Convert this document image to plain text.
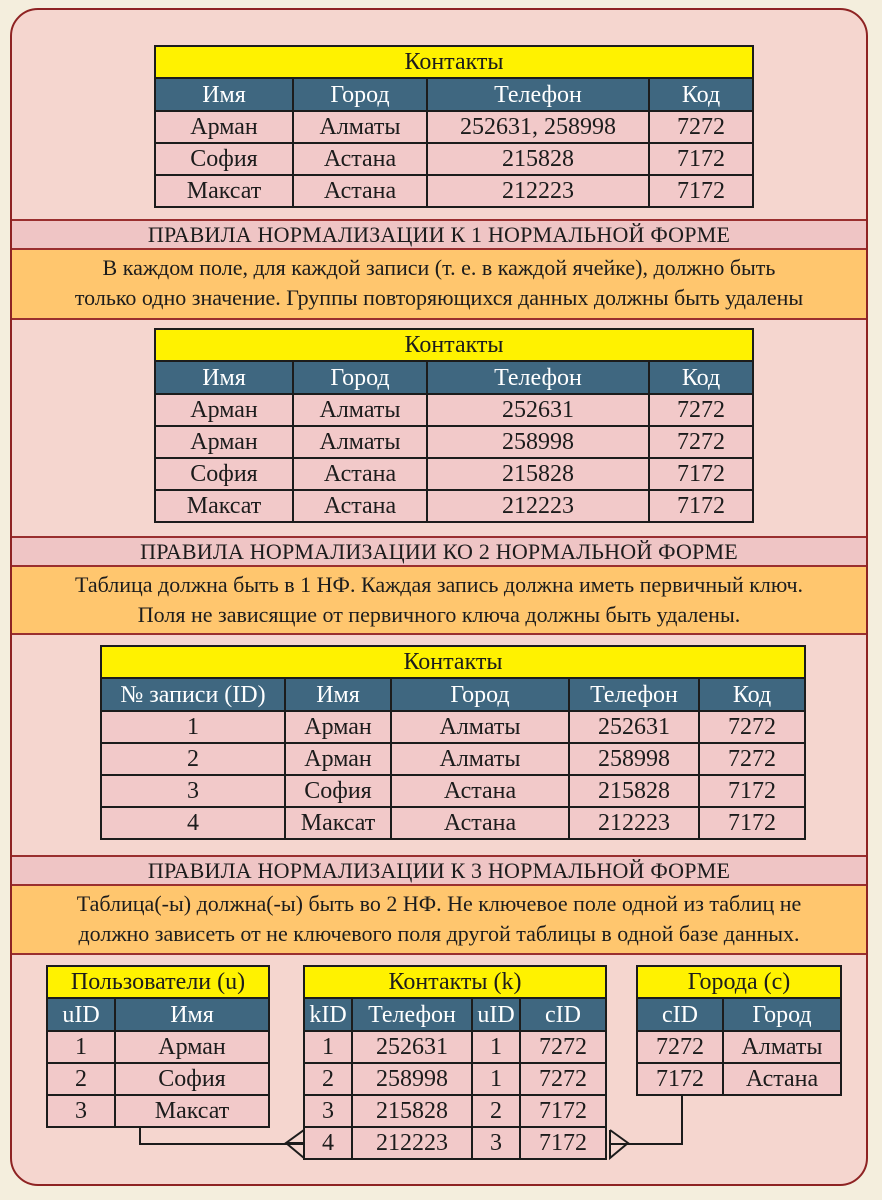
Контакты			
Имя	Город	Телефон	Код
Арман	Алматы	252631, 258998	7272
София	Астана	215828	7172
Максат	Астана	212223	7172
ПРАВИЛА НОРМАЛИЗАЦИИ К 1 НОРМАЛЬНОЙ ФОРМЕ
В каждом поле, для каждой записи (т. е. в каждой ячейке), должно быть
только одно значение. Группы повторяющихся данных должны быть удалены
Контакты			
Имя	Город	Телефон	Код
Арман	Алматы	252631	7272
Арман	Алматы	258998	7272
София	Астана	215828	7172
Максат	Астана	212223	7172
ПРАВИЛА НОРМАЛИЗАЦИИ КО 2 НОРМАЛЬНОЙ ФОРМЕ
Таблица должна быть в 1 НФ. Каждая запись должна иметь первичный ключ.
Поля не зависящие от первичного ключа должны быть удалены.
Контакты				
№ записи (ID)	Имя	Город	Телефон	Код
1	Арман	Алматы	252631	7272
2	Арман	Алматы	258998	7272
3	София	Астана	215828	7172
4	Максат	Астана	212223	7172
ПРАВИЛА НОРМАЛИЗАЦИИ К 3 НОРМАЛЬНОЙ ФОРМЕ
Таблица(-ы) должна(-ы) быть во 2 НФ. Не ключевое поле одной из таблиц не
должно зависеть от не ключевого поля другой таблицы в одной базе данных.
Пользователи (u)	
uID	Имя
1	Арман
2	София
3	Максат
Контакты (k)			
kID	Телефон	uID	cID
1	252631	1	7272
2	258998	1	7272
3	215828	2	7172
4	212223	3	7172
Города (с)	
cID	Город
7272	Алматы
7172	Астана
